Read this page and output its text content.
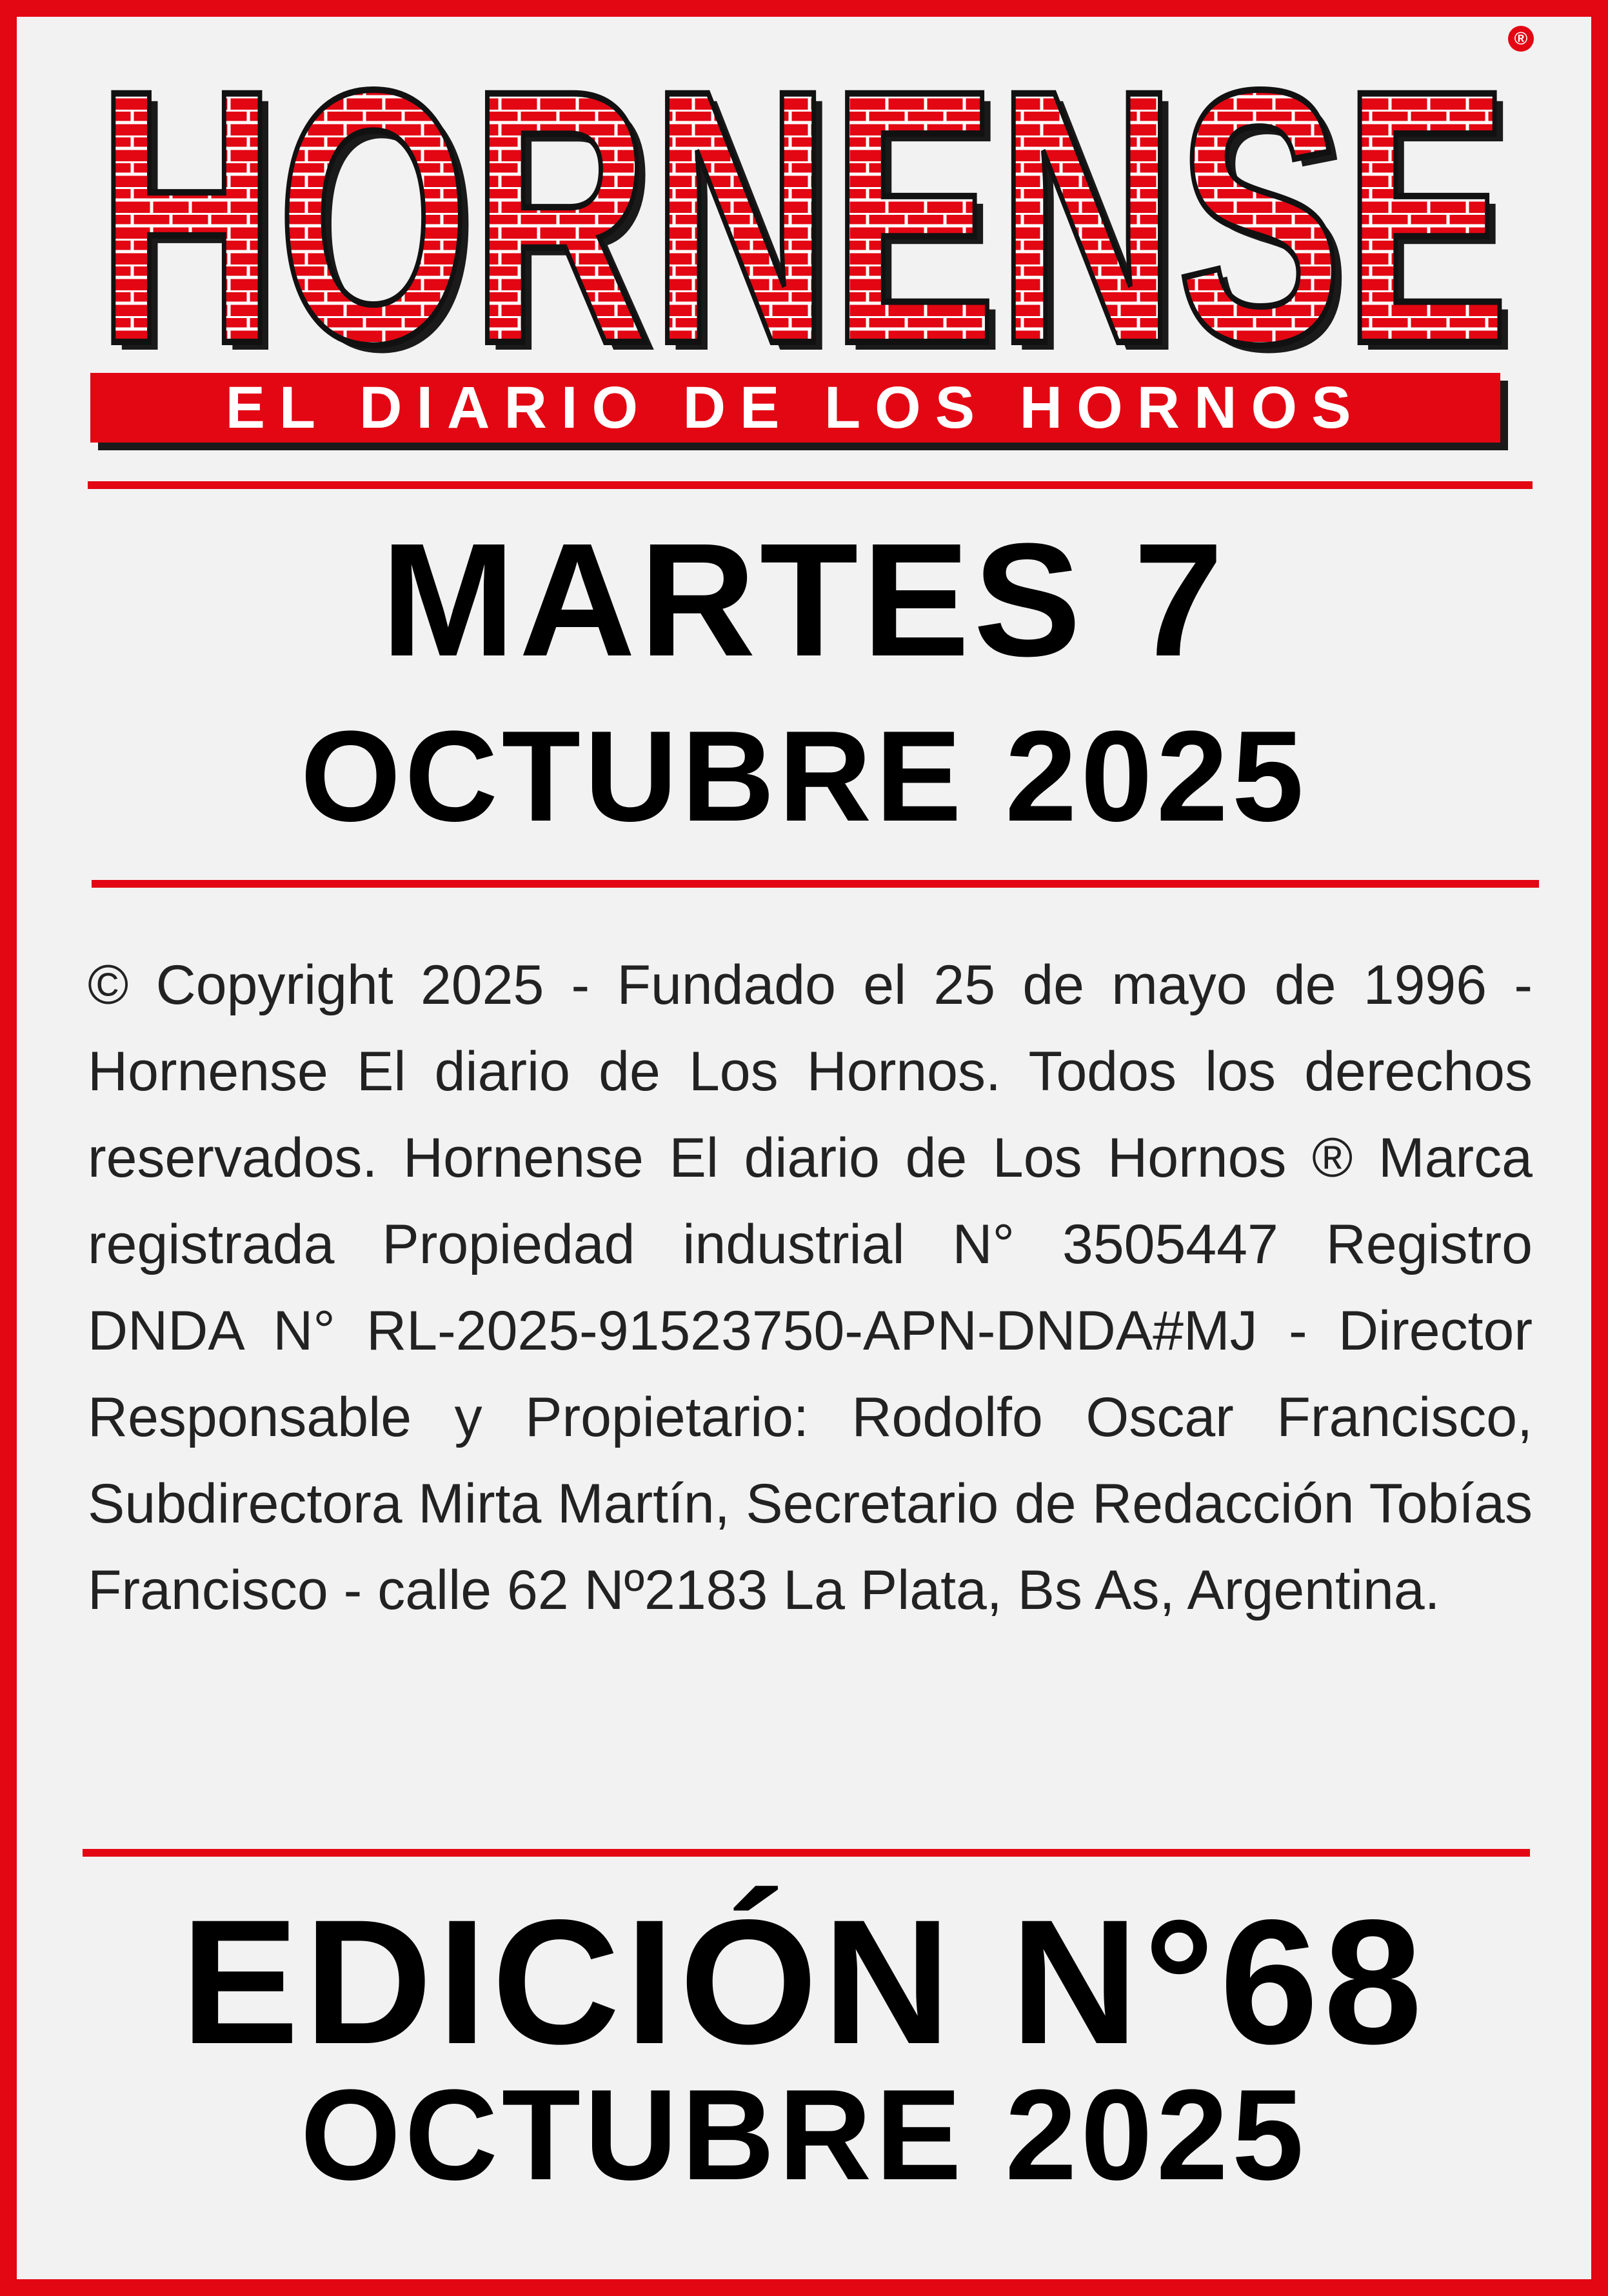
HORNENSE
HORNENSE ®
EL DIARIO DE LOS HORNOS
MARTES 7
OCTUBRE 2025
© Copyright 2025 - Fundado el 25 de mayo de 1996 - Hornense El diario de Los Hornos. Todos los derechos reservados. Hornense El diario de Los Hornos ® Marca registrada Propiedad industrial N° 3505447 Registro DNDA N° RL-2025-91523750-APN-DNDA#MJ - Director Responsable y Propietario: Rodolfo Oscar Francisco, Subdirectora Mirta Martín, Secretario de Redacción Tobías Francisco - calle 62 Nº2183 La Plata, Bs As, Argentina.
EDICIÓN N°68
OCTUBRE 2025
